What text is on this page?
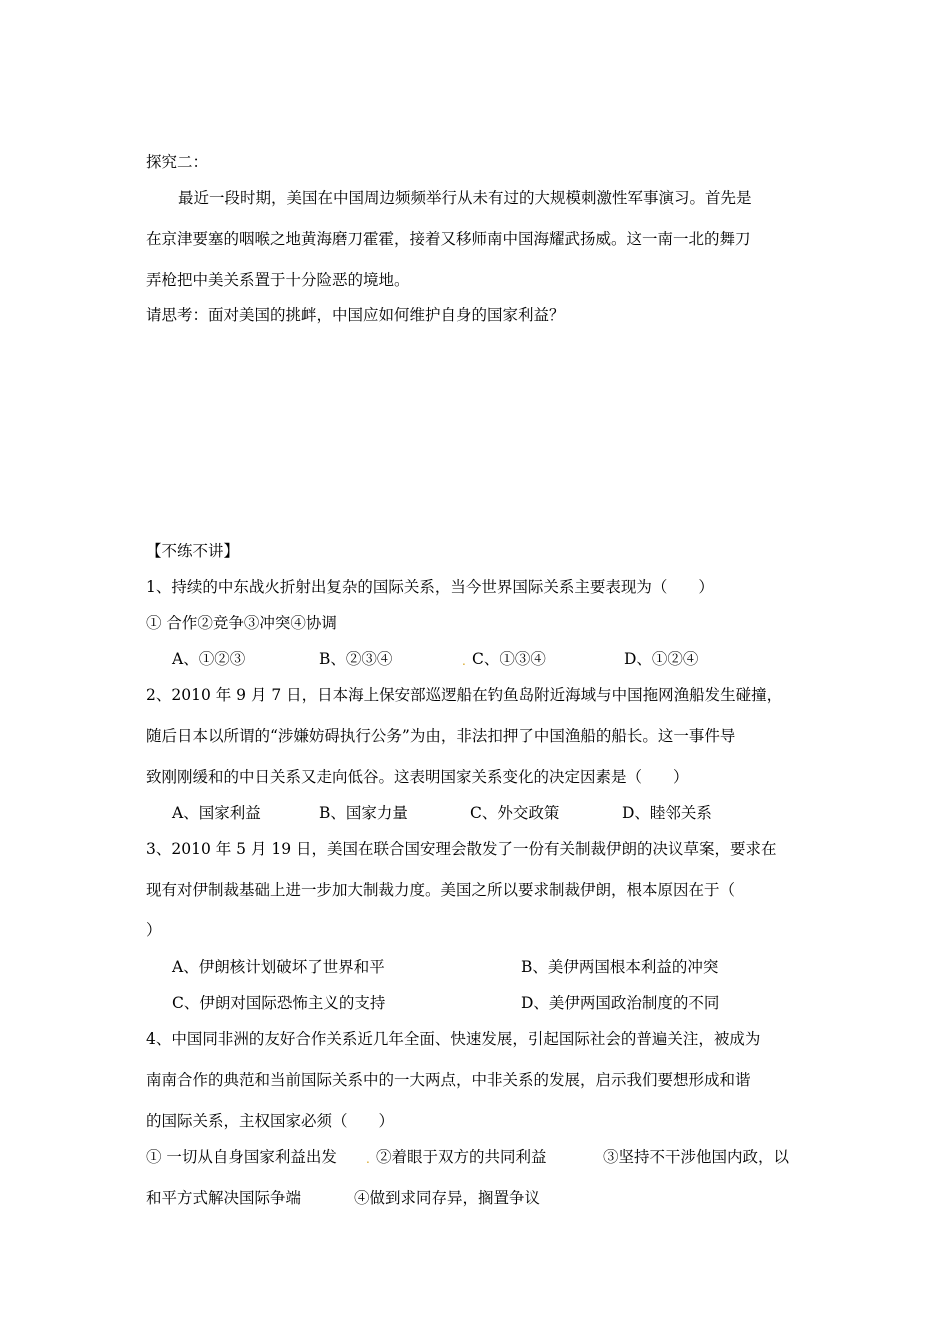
探究二：
最近一段时期，美国在中国周边频频举行从未有过的大规模刺激性军事演习。首先是
在京津要塞的咽喉之地黄海磨刀霍霍，接着又移师南中国海耀武扬威。这一南一北的舞刀
弄枪把中美关系置于十分险恶的境地。
请思考：面对美国的挑衅，中国应如何维护自身的国家利益？
【不练不讲】
1、持续的中东战火折射出复杂的国际关系，当今世界国际关系主要表现为（　　）
① 合作②竞争③冲突④协调
A、①②③	B、②③④	. C、①③④	D、①②④
2、2010 年 9 月 7 日，日本海上保安部巡逻船在钓鱼岛附近海域与中国拖网渔船发生碰撞，
随后日本以所谓的“涉嫌妨碍执行公务”为由，非法扣押了中国渔船的船长。这一事件导
致刚刚缓和的中日关系又走向低谷。这表明国家关系变化的决定因素是（　　）
A、国家利益	B、国家力量	C、外交政策	D、睦邻关系
3、2010 年 5 月 19 日，美国在联合国安理会散发了一份有关制裁伊朗的决议草案，要求在
现有对伊制裁基础上进一步加大制裁力度。美国之所以要求制裁伊朗，根本原因在于（
）
A、伊朗核计划破坏了世界和平	B、美伊两国根本利益的冲突
C、伊朗对国际恐怖主义的支持	D、美伊两国政治制度的不同
4、中国同非洲的友好合作关系近几年全面、快速发展，引起国际社会的普遍关注，被成为
南南合作的典范和当前国际关系中的一大两点，中非关系的发展，启示我们要想形成和谐
的国际关系，主权国家必须（　　）
① 一切从自身国家利益出发 . ②着眼于双方的共同利益	③坚持不干涉他国内政，以
和平方式解决国际争端	④做到求同存异，搁置争议
